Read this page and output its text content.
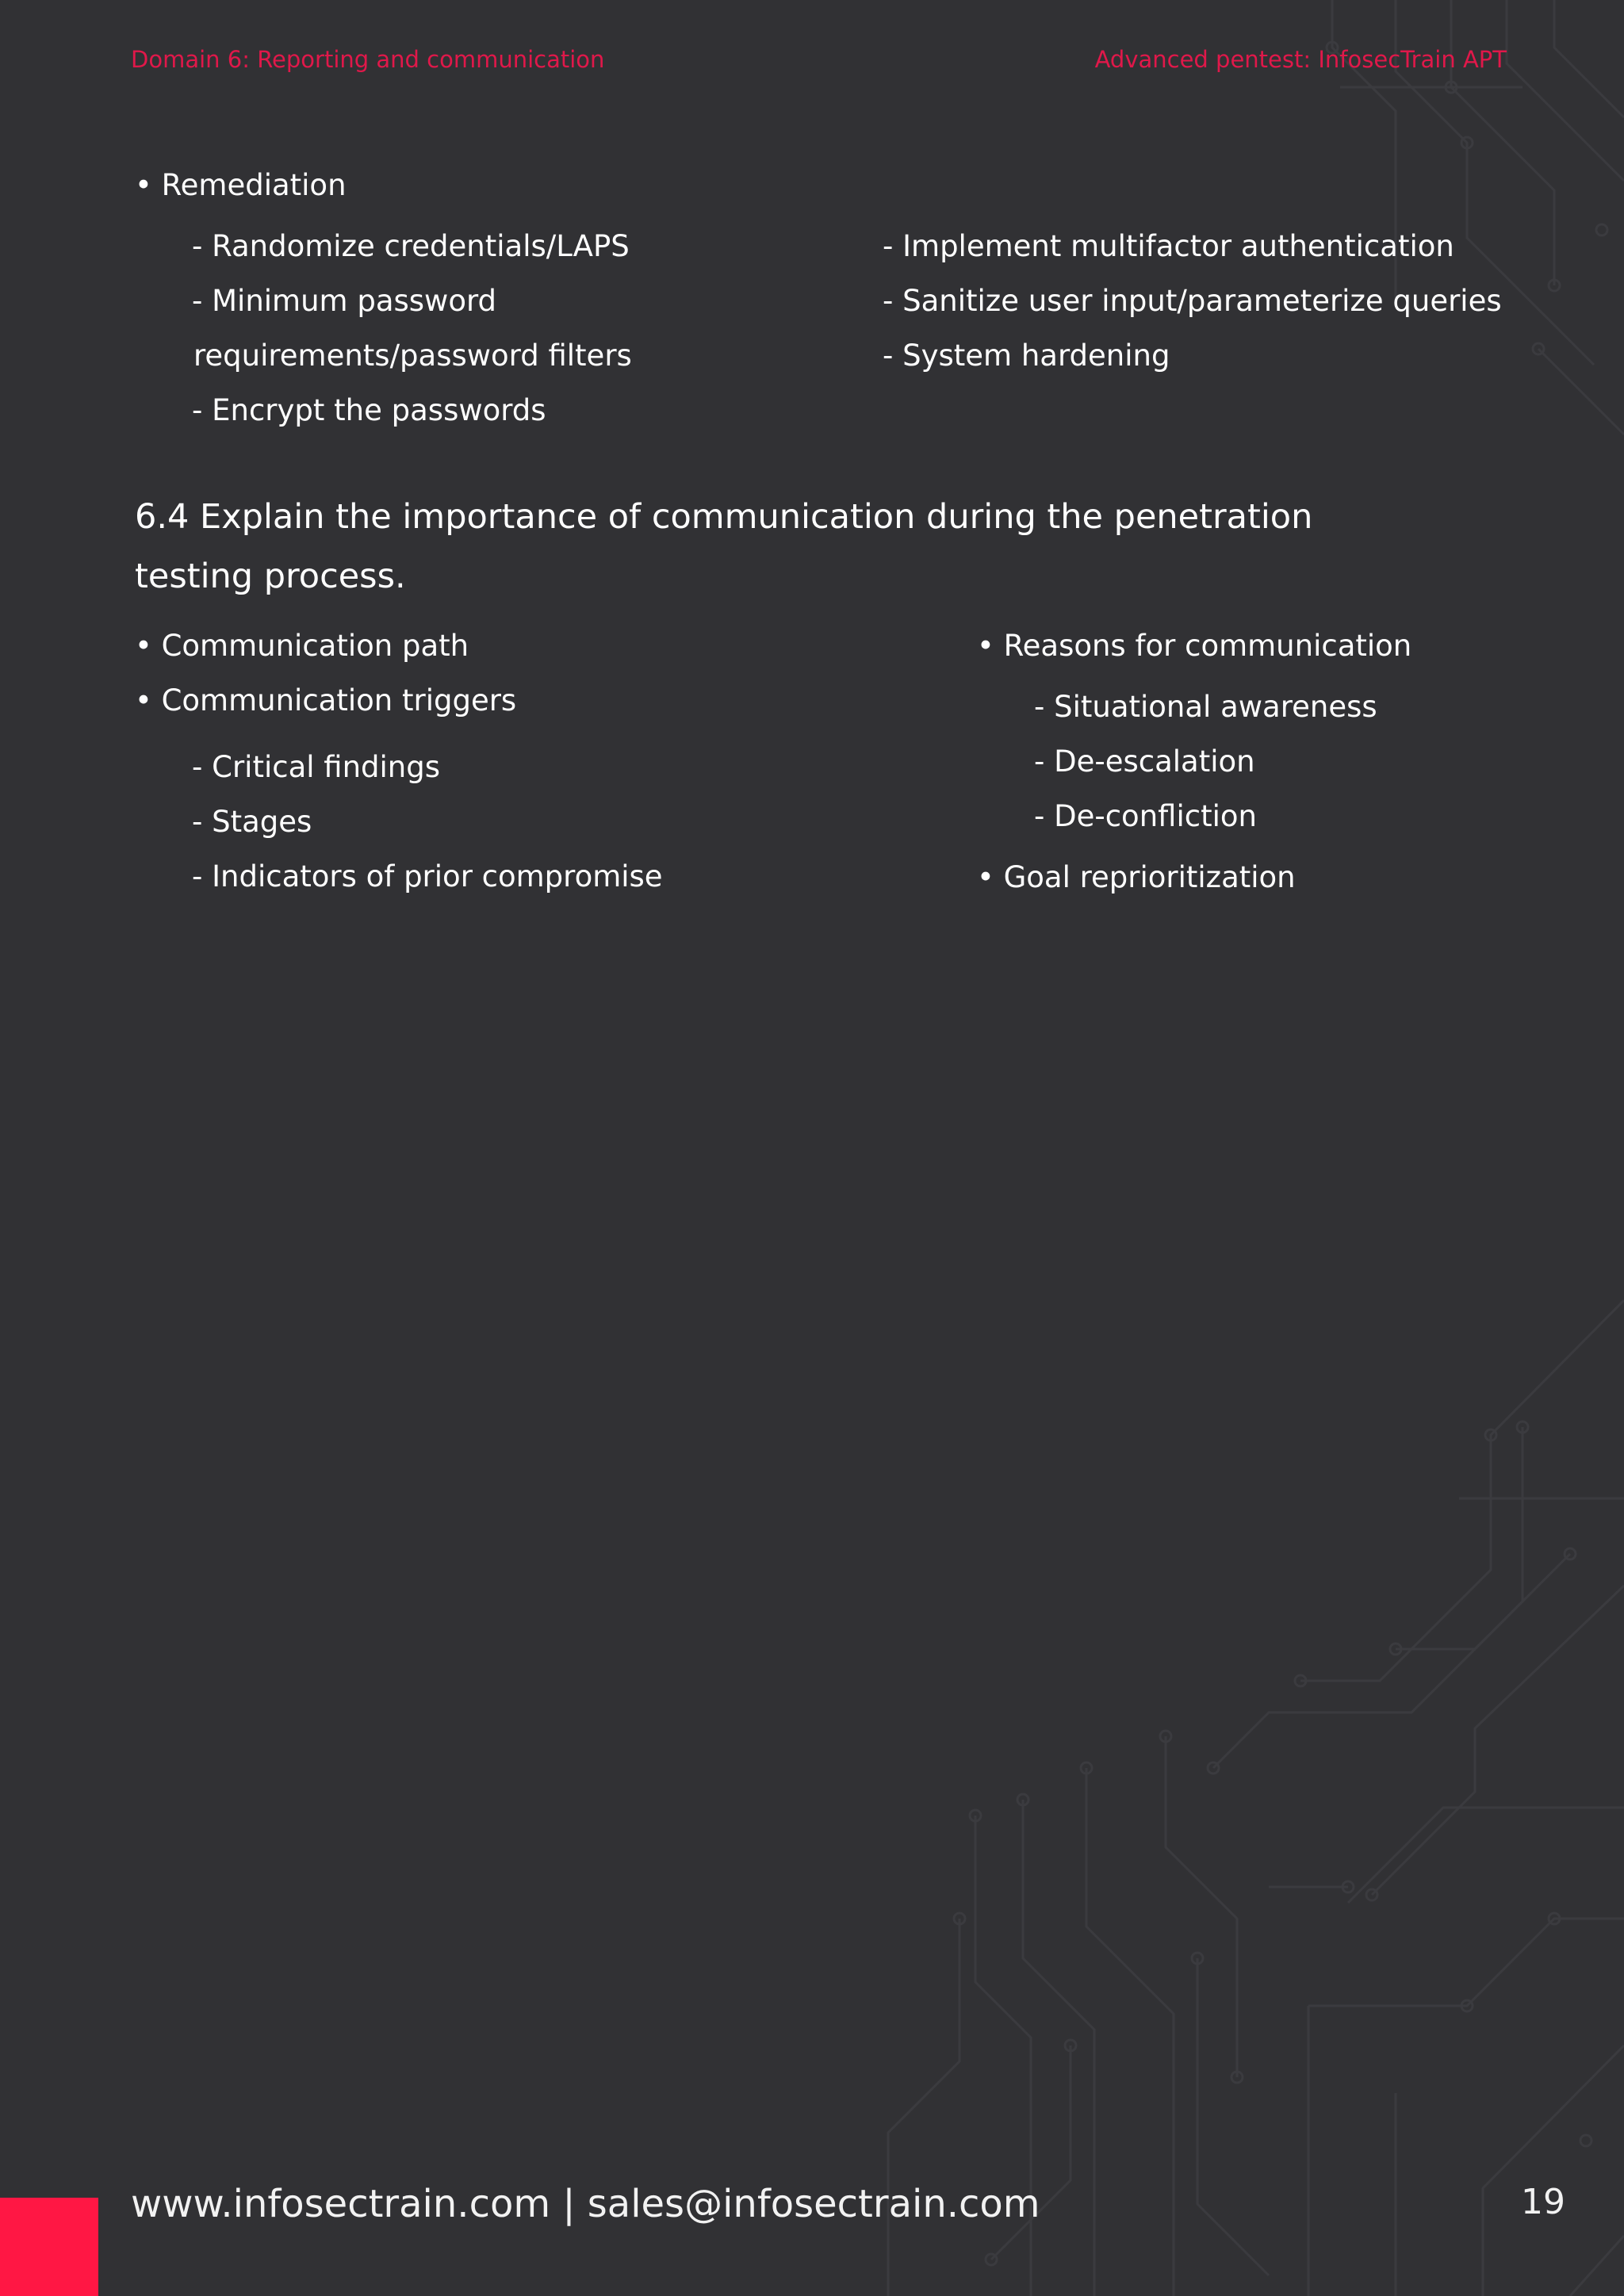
Domain 6: Reporting and communication	Advanced pentest: InfosecTrain APT
• Remediation
- Randomize credentials/LAPS
- Minimum password
requirements/password filters
- Encrypt the passwords
- Implement multifactor authentication
- Sanitize user input/parameterize queries
- System hardening
6.4 Explain the importance of communication during the penetration
testing process.
• Communication path
• Communication triggers
- Critical findings
- Stages
- Indicators of prior compromise
• Reasons for communication
- Situational awareness
- De-escalation
- De-confliction
• Goal reprioritization
www.infosectrain.com | sales@infosectrain.com	19
